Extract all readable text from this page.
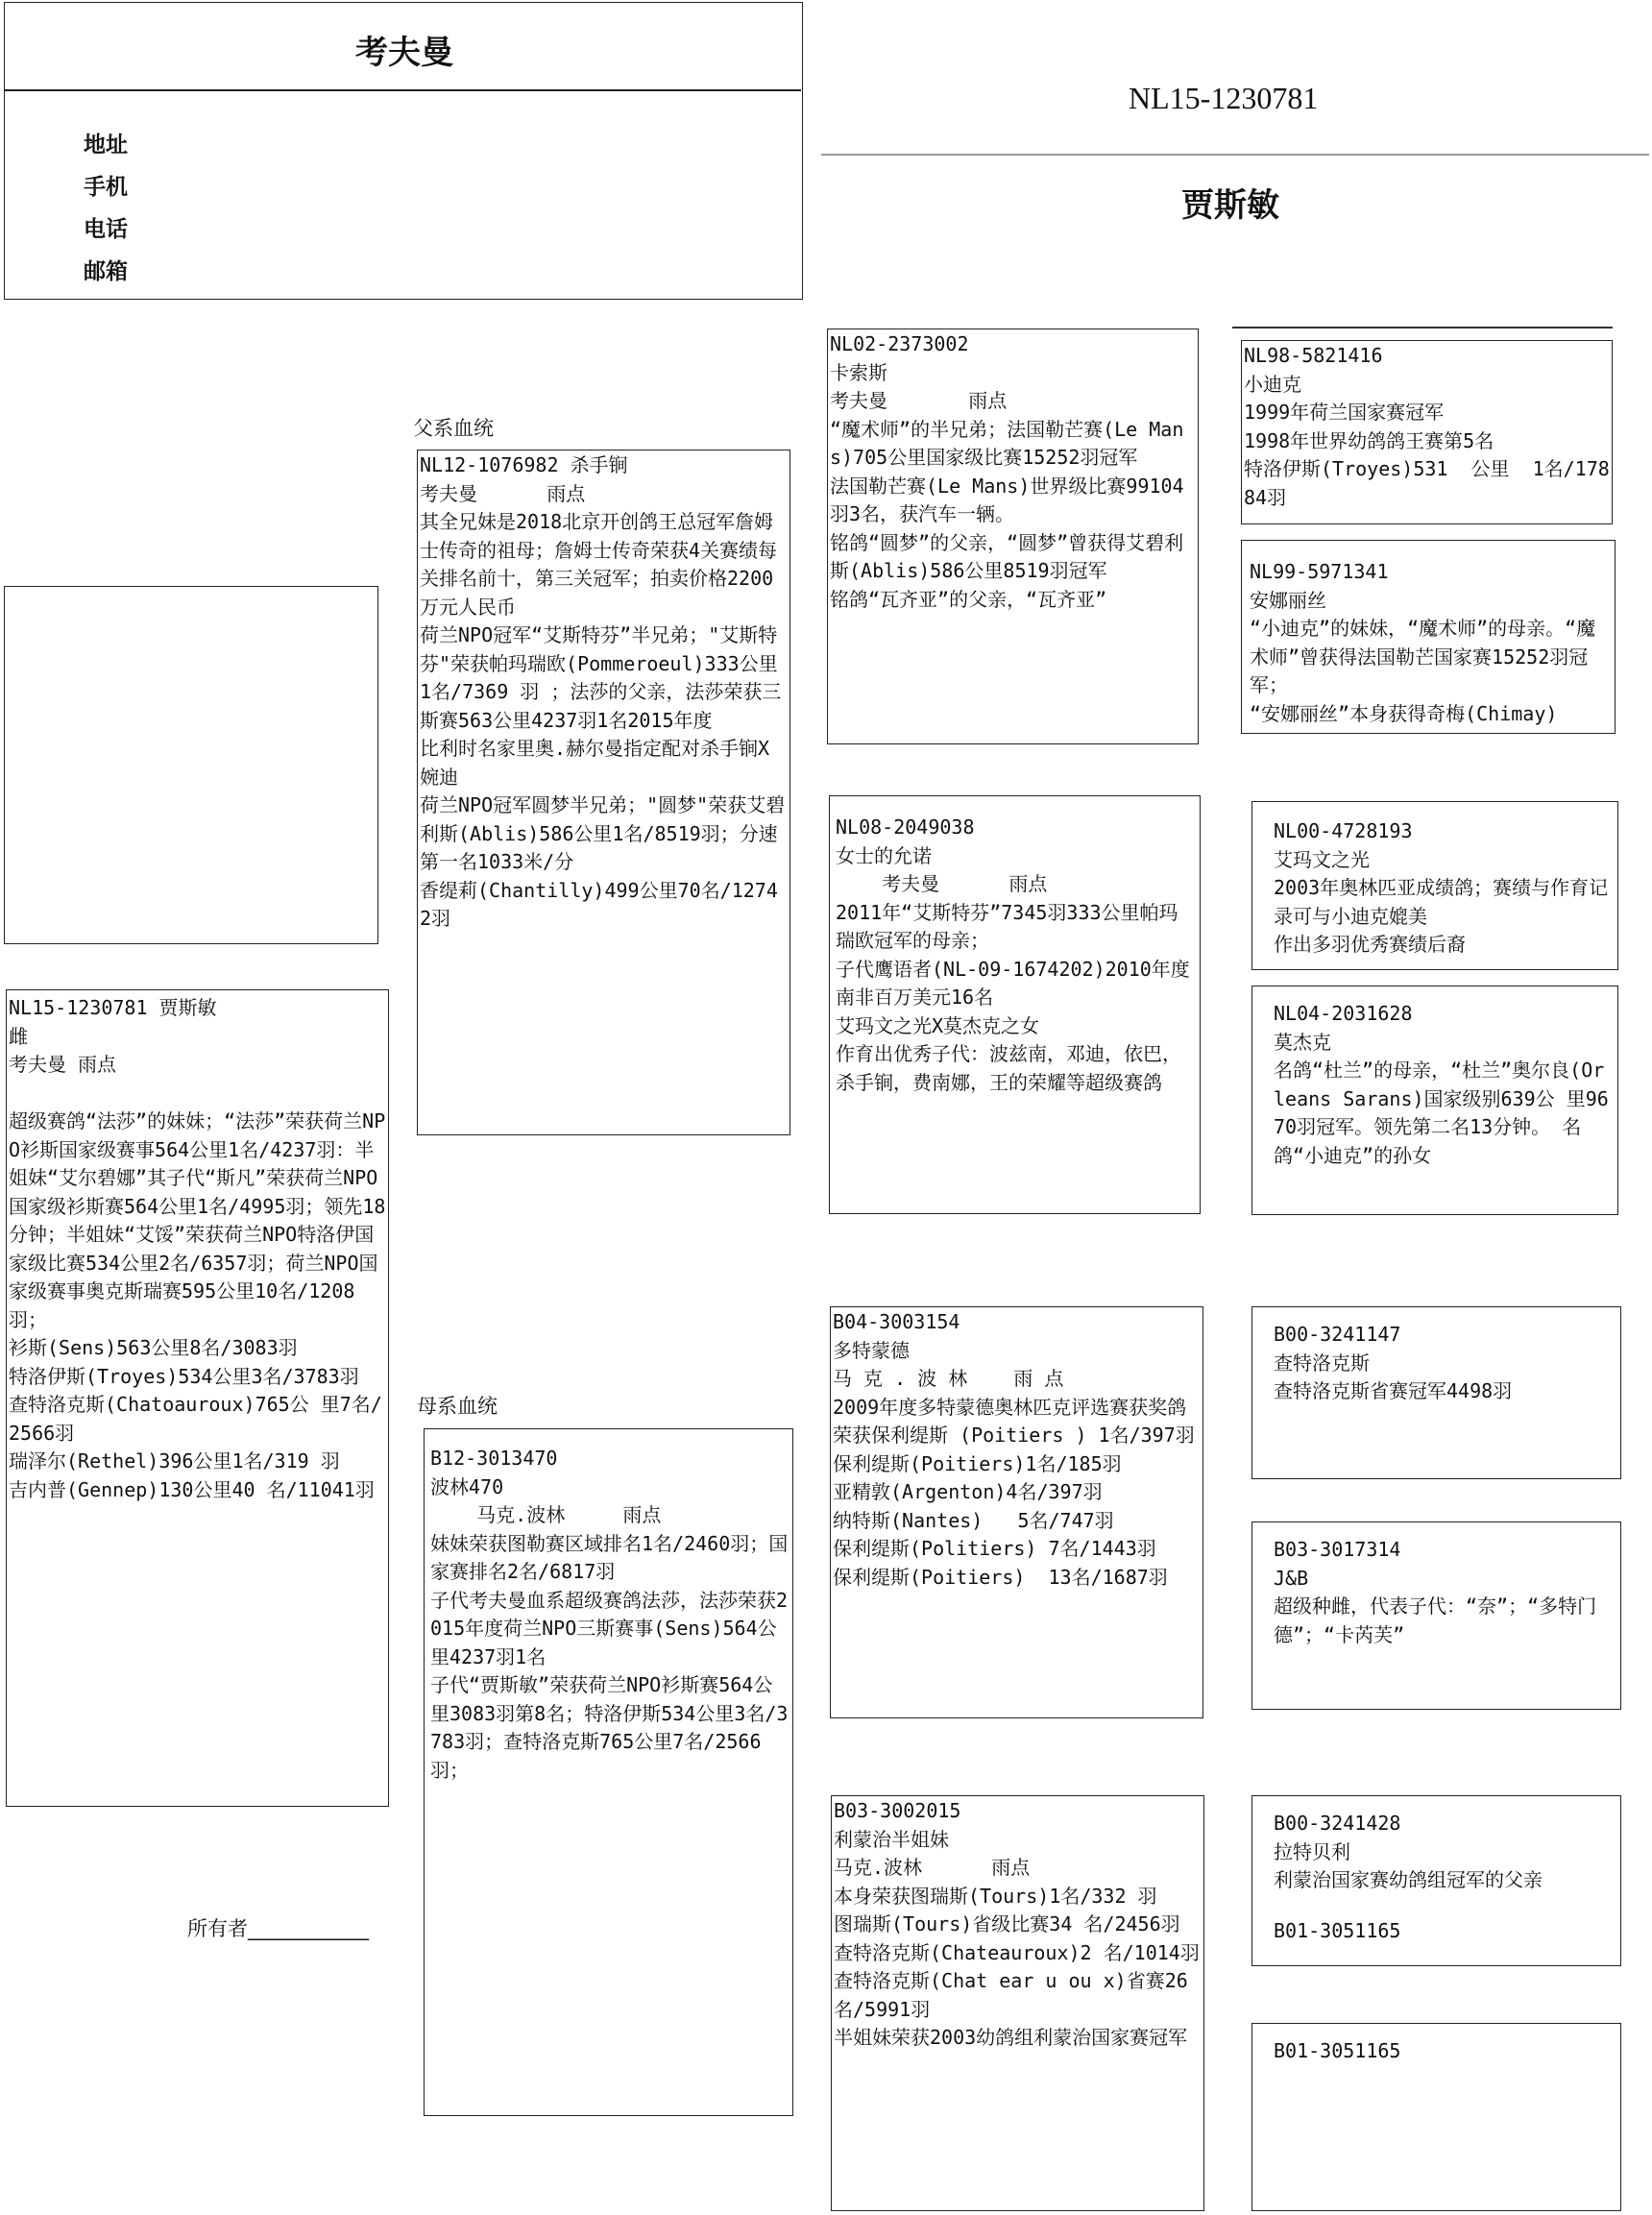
考夫曼
地址
手机
电话
邮箱
NL15-1230781
贾斯敏
NL15-1230781 贾斯敏
雌
考夫曼 雨点

超级赛鸽“法莎”的妹妹；“法莎”荣获荷兰NPO衫斯国家级赛事564公里1名/4237羽：半姐妹“艾尔碧娜”其子代“斯凡”荣获荷兰NPO国家级衫斯赛564公里1名/4995羽；领先18分钟；半姐妹“艾馁”荣获荷兰NPO特洛伊国家级比赛534公里2名/6357羽；荷兰NPO国家级赛事奥克斯瑞赛595公里10名/1208羽；
衫斯(Sens)563公里8名/3083羽
特洛伊斯(Troyes)534公里3名/3783羽
查特洛克斯(Chatoauroux)765公 里7名/2566羽
瑞泽尔(Rethel)396公里1名/319 羽
吉内普(Gennep)130公里40 名/11041羽
父系血统
母系血统
NL12-1076982 杀手锏
考夫曼      雨点
其全兄妹是2018北京开创鸽王总冠军詹姆士传奇的祖母；詹姆士传奇荣获4关赛绩每关排名前十，第三关冠军；拍卖价格2200万元人民币
荷兰NPO冠军“艾斯特芬”半兄弟；"艾斯特芬"荣获帕玛瑞欧(Pommeroeul)333公里1名/7369 羽 ；法莎的父亲，法莎荣获三斯赛563公里4237羽1名2015年度
比利时名家里奥.赫尔曼指定配对杀手锏X婉迪
荷兰NPO冠军圆梦半兄弟；"圆梦"荣获艾碧利斯(Ablis)586公里1名/8519羽；分速第一名1033米/分
香缇莉(Chantilly)499公里70名/12742羽
B12-3013470
波林470
马克.波林     雨点
妹妹荣获图勒赛区域排名1名/2460羽；国家赛排名2名/6817羽
子代考夫曼血系超级赛鸽法莎，法莎荣获2015年度荷兰NPO三斯赛事(Sens)564公里4237羽1名
子代“贾斯敏”荣获荷兰NPO衫斯赛564公里3083羽第8名；特洛伊斯534公里3名/3783羽；查特洛克斯765公里7名/2566羽；
NL02-2373002
卡索斯
考夫曼       雨点
“魔术师”的半兄弟；法国勒芒赛(Le Mans)705公里国家级比赛15252羽冠军
法国勒芒赛(Le Mans)世界级比赛99104羽3名，获汽车一辆。
铭鸽“圆梦”的父亲，“圆梦”曾获得艾碧利斯(Ablis)586公里8519羽冠军
铭鸽“瓦齐亚”的父亲，“瓦齐亚”
NL08-2049038
女士的允诺
考夫曼      雨点
2011年“艾斯特芬”7345羽333公里帕玛瑞欧冠军的母亲；
子代鹰语者(NL-09-1674202)2010年度南非百万美元16名
艾玛文之光X莫杰克之女
作育出优秀子代：波兹南，邓迪，依巴，杀手锏，费南娜，王的荣耀等超级赛鸽
B04-3003154
多特蒙德
马 克 . 波 林    雨 点
2009年度多特蒙德奥林匹克评选赛获奖鸽
荣获保利缇斯 (Poitiers ) 1名/397羽
保利缇斯(Poitiers)1名/185羽
亚精敦(Argenton)4名/397羽
纳特斯(Nantes)   5名/747羽
保利缇斯(Politiers) 7名/1443羽
保利缇斯(Poitiers)  13名/1687羽
B03-3002015
利蒙治半姐妹
马克.波林      雨点
本身荣获图瑞斯(Tours)1名/332 羽
图瑞斯(Tours)省级比赛34 名/2456羽
查特洛克斯(Chateauroux)2 名/1014羽
查特洛克斯(Chat ear u ou x)省赛26名/5991羽
半姐妹荣获2003幼鸽组利蒙治国家赛冠军
NL98-5821416
小迪克
1999年荷兰国家赛冠军
1998年世界幼鸽鸽王赛第5名
特洛伊斯(Troyes)531  公里  1名/17884羽
NL99-5971341
安娜丽丝
“小迪克”的妹妹，“魔术师”的母亲。“魔术师”曾获得法国勒芒国家赛15252羽冠军；
“安娜丽丝”本身获得奇梅(Chimay)
NL00-4728193
艾玛文之光
2003年奥林匹亚成绩鸽；赛绩与作育记录可与小迪克媲美
作出多羽优秀赛绩后裔
NL04-2031628
莫杰克
名鸽“杜兰”的母亲，“杜兰”奥尔良(Orleans Sarans)国家级别639公 里9670羽冠军。领先第二名13分钟。 名鸽“小迪克”的孙女
B00-3241147
查特洛克斯
查特洛克斯省赛冠军4498羽
B03-3017314
J&B
超级种雌，代表子代：“奈”；“多特门德”；“卡芮芙”
B00-3241428
拉特贝利
利蒙治国家赛幼鸽组冠军的父亲

B01-3051165
B01-3051165
所有者____________
